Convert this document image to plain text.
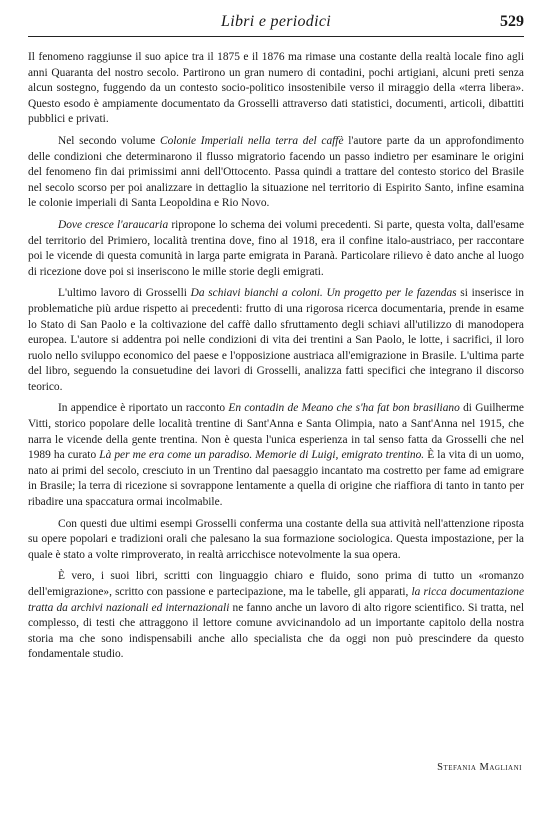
Libri e periodici	529

Il fenomeno raggiunse il suo apice tra il 1875 e il 1876 ma rimase una costante della realtà locale fino agli anni Quaranta del nostro secolo. Partirono un gran numero di contadini, pochi artigiani, alcuni preti senza alcun sostegno, fuggendo da un contesto socio-politico insostenibile verso il miraggio della «terra libera». Questo esodo è ampiamente documentato da Grosselli attraverso dati statistici, documenti, articoli, dibattiti pubblici e privati.

Nel secondo volume Colonie Imperiali nella terra del caffè l'autore parte da un approfondimento delle condizioni che determinarono il flusso migratorio facendo un passo indietro per esaminare le origini del fenomeno fin dai primissimi anni dell'Ottocento. Passa quindi a trattare del contesto storico del Brasile nel secolo scorso per poi analizzare in dettaglio la situazione nel territorio di Espirito Santo, infine esamina le colonie imperiali di Santa Leopoldina e Rio Novo.

Dove cresce l'araucaria ripropone lo schema dei volumi precedenti. Si parte, questa volta, dall'esame del territorio del Primiero, località trentina dove, fino al 1918, era il confine italo-austriaco, per raccontare poi le vicende di questa comunità in larga parte emigrata in Paranà. Particolare rilievo è dato anche al luogo di ricezione dove poi si inseriscono le mille storie degli emigrati.

L'ultimo lavoro di Grosselli Da schiavi bianchi a coloni. Un progetto per le fazendas si inserisce in problematiche più ardue rispetto ai precedenti: frutto di una rigorosa ricerca documentaria, prende in esame lo Stato di San Paolo e la coltivazione del caffè dallo sfruttamento degli schiavi all'utilizzo di manodopera europea. L'autore si addentra poi nelle condizioni di vita dei trentini a San Paolo, le lotte, i sacrifici, il loro ruolo nello sviluppo economico del paese e l'opposizione austriaca all'emigrazione in Brasile. L'ultima parte del libro, seguendo la consuetudine dei lavori di Grosselli, analizza fatti specifici che integrano il discorso teorico.

In appendice è riportato un racconto En contadin de Meano che s'ha fat bon brasiliano di Guilherme Vitti, storico popolare delle località trentine di Sant'Anna e Santa Olimpia, nato a Sant'Anna nel 1915, che narra le vicende della gente trentina. Non è questa l'unica esperienza in tal senso fatta da Grosselli che nel 1989 ha curato Là per me era come un paradiso. Memorie di Luigi, emigrato trentino. È la vita di un uomo, nato ai primi del secolo, cresciuto in un Trentino dal paesaggio incantato ma costretto per fame ad emigrare in Brasile; la terra di ricezione si sovrappone lentamente a quella di origine che riaffiora di tanto in tanto per ribadire una spaccatura ormai incolmabile.

Con questi due ultimi esempi Grosselli conferma una costante della sua attività nell'attenzione riposta su opere popolari e tradizioni orali che palesano la sua formazione sociologica. Questa impostazione, per la quale è stato a volte rimproverato, in realtà arricchisce notevolmente la sua opera.

È vero, i suoi libri, scritti con linguaggio chiaro e fluido, sono prima di tutto un «romanzo dell'emigrazione», scritto con passione e partecipazione, ma le tabelle, gli apparati, la ricca documentazione tratta da archivi nazionali ed internazionali ne fanno anche un lavoro di alto rigore scientifico. Si tratta, nel complesso, di testi che attraggono il lettore comune avvicinandolo ad un importante capitolo della nostra storia ma che sono indispensabili anche allo specialista che da oggi non può prescindere da questo fondamentale studio.

Stefania Magliani
